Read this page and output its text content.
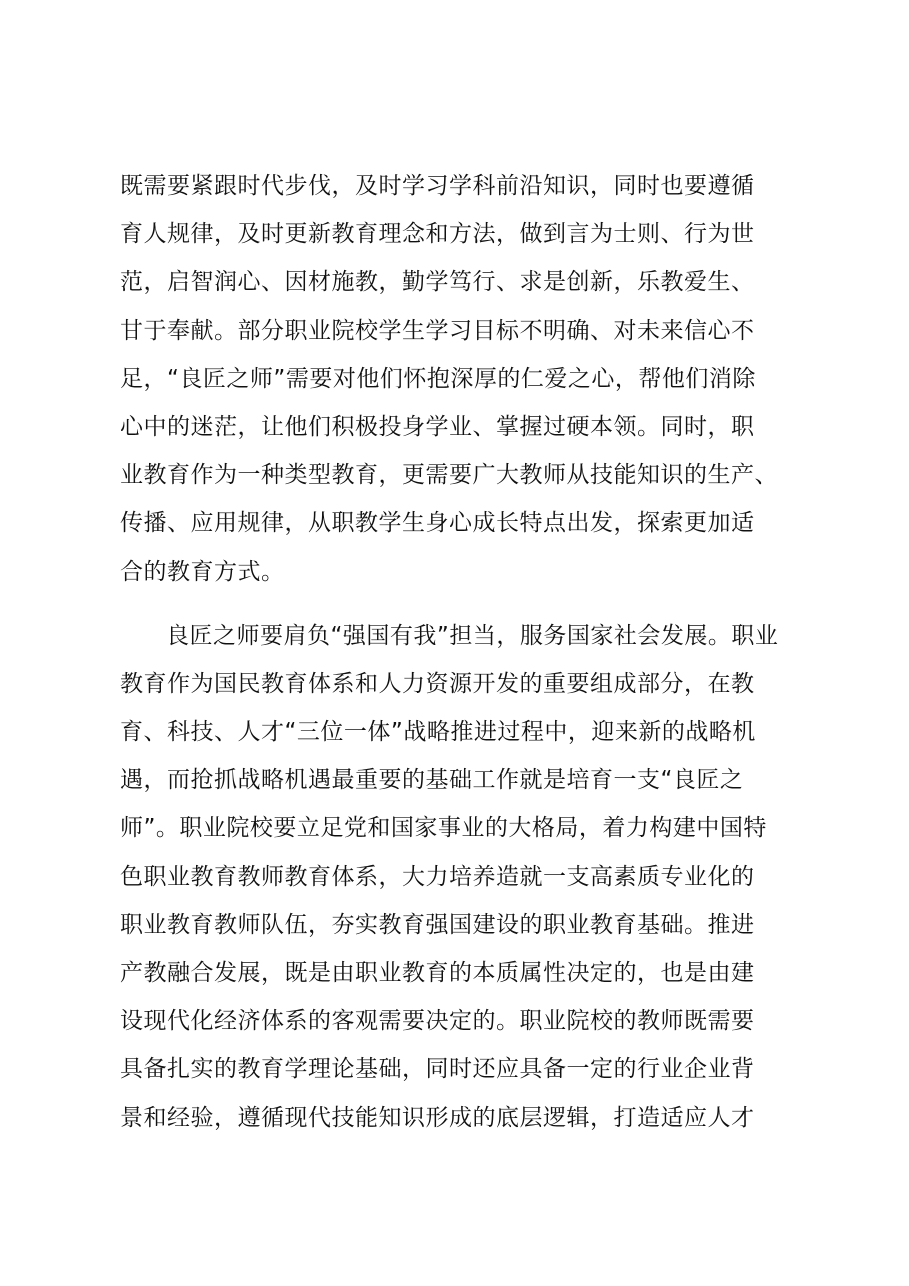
既需要紧跟时代步伐，及时学习学科前沿知识，同时也要遵循
育人规律，及时更新教育理念和方法，做到言为士则、行为世
范，启智润心、因材施教，勤学笃行、求是创新，乐教爱生、
甘于奉献。部分职业院校学生学习目标不明确、对未来信心不
足，“良匠之师”需要对他们怀抱深厚的仁爱之心，帮他们消除
心中的迷茫，让他们积极投身学业、掌握过硬本领。同时，职
业教育作为一种类型教育，更需要广大教师从技能知识的生产、
传播、应用规律，从职教学生身心成长特点出发，探索更加适
合的教育方式。
良匠之师要肩负“强国有我”担当，服务国家社会发展。职业
教育作为国民教育体系和人力资源开发的重要组成部分，在教
育、科技、人才“三位一体”战略推进过程中，迎来新的战略机
遇，而抢抓战略机遇最重要的基础工作就是培育一支“良匠之
师”。职业院校要立足党和国家事业的大格局，着力构建中国特
色职业教育教师教育体系，大力培养造就一支高素质专业化的
职业教育教师队伍，夯实教育强国建设的职业教育基础。推进
产教融合发展，既是由职业教育的本质属性决定的，也是由建
设现代化经济体系的客观需要决定的。职业院校的教师既需要
具备扎实的教育学理论基础，同时还应具备一定的行业企业背
景和经验，遵循现代技能知识形成的底层逻辑，打造适应人才
